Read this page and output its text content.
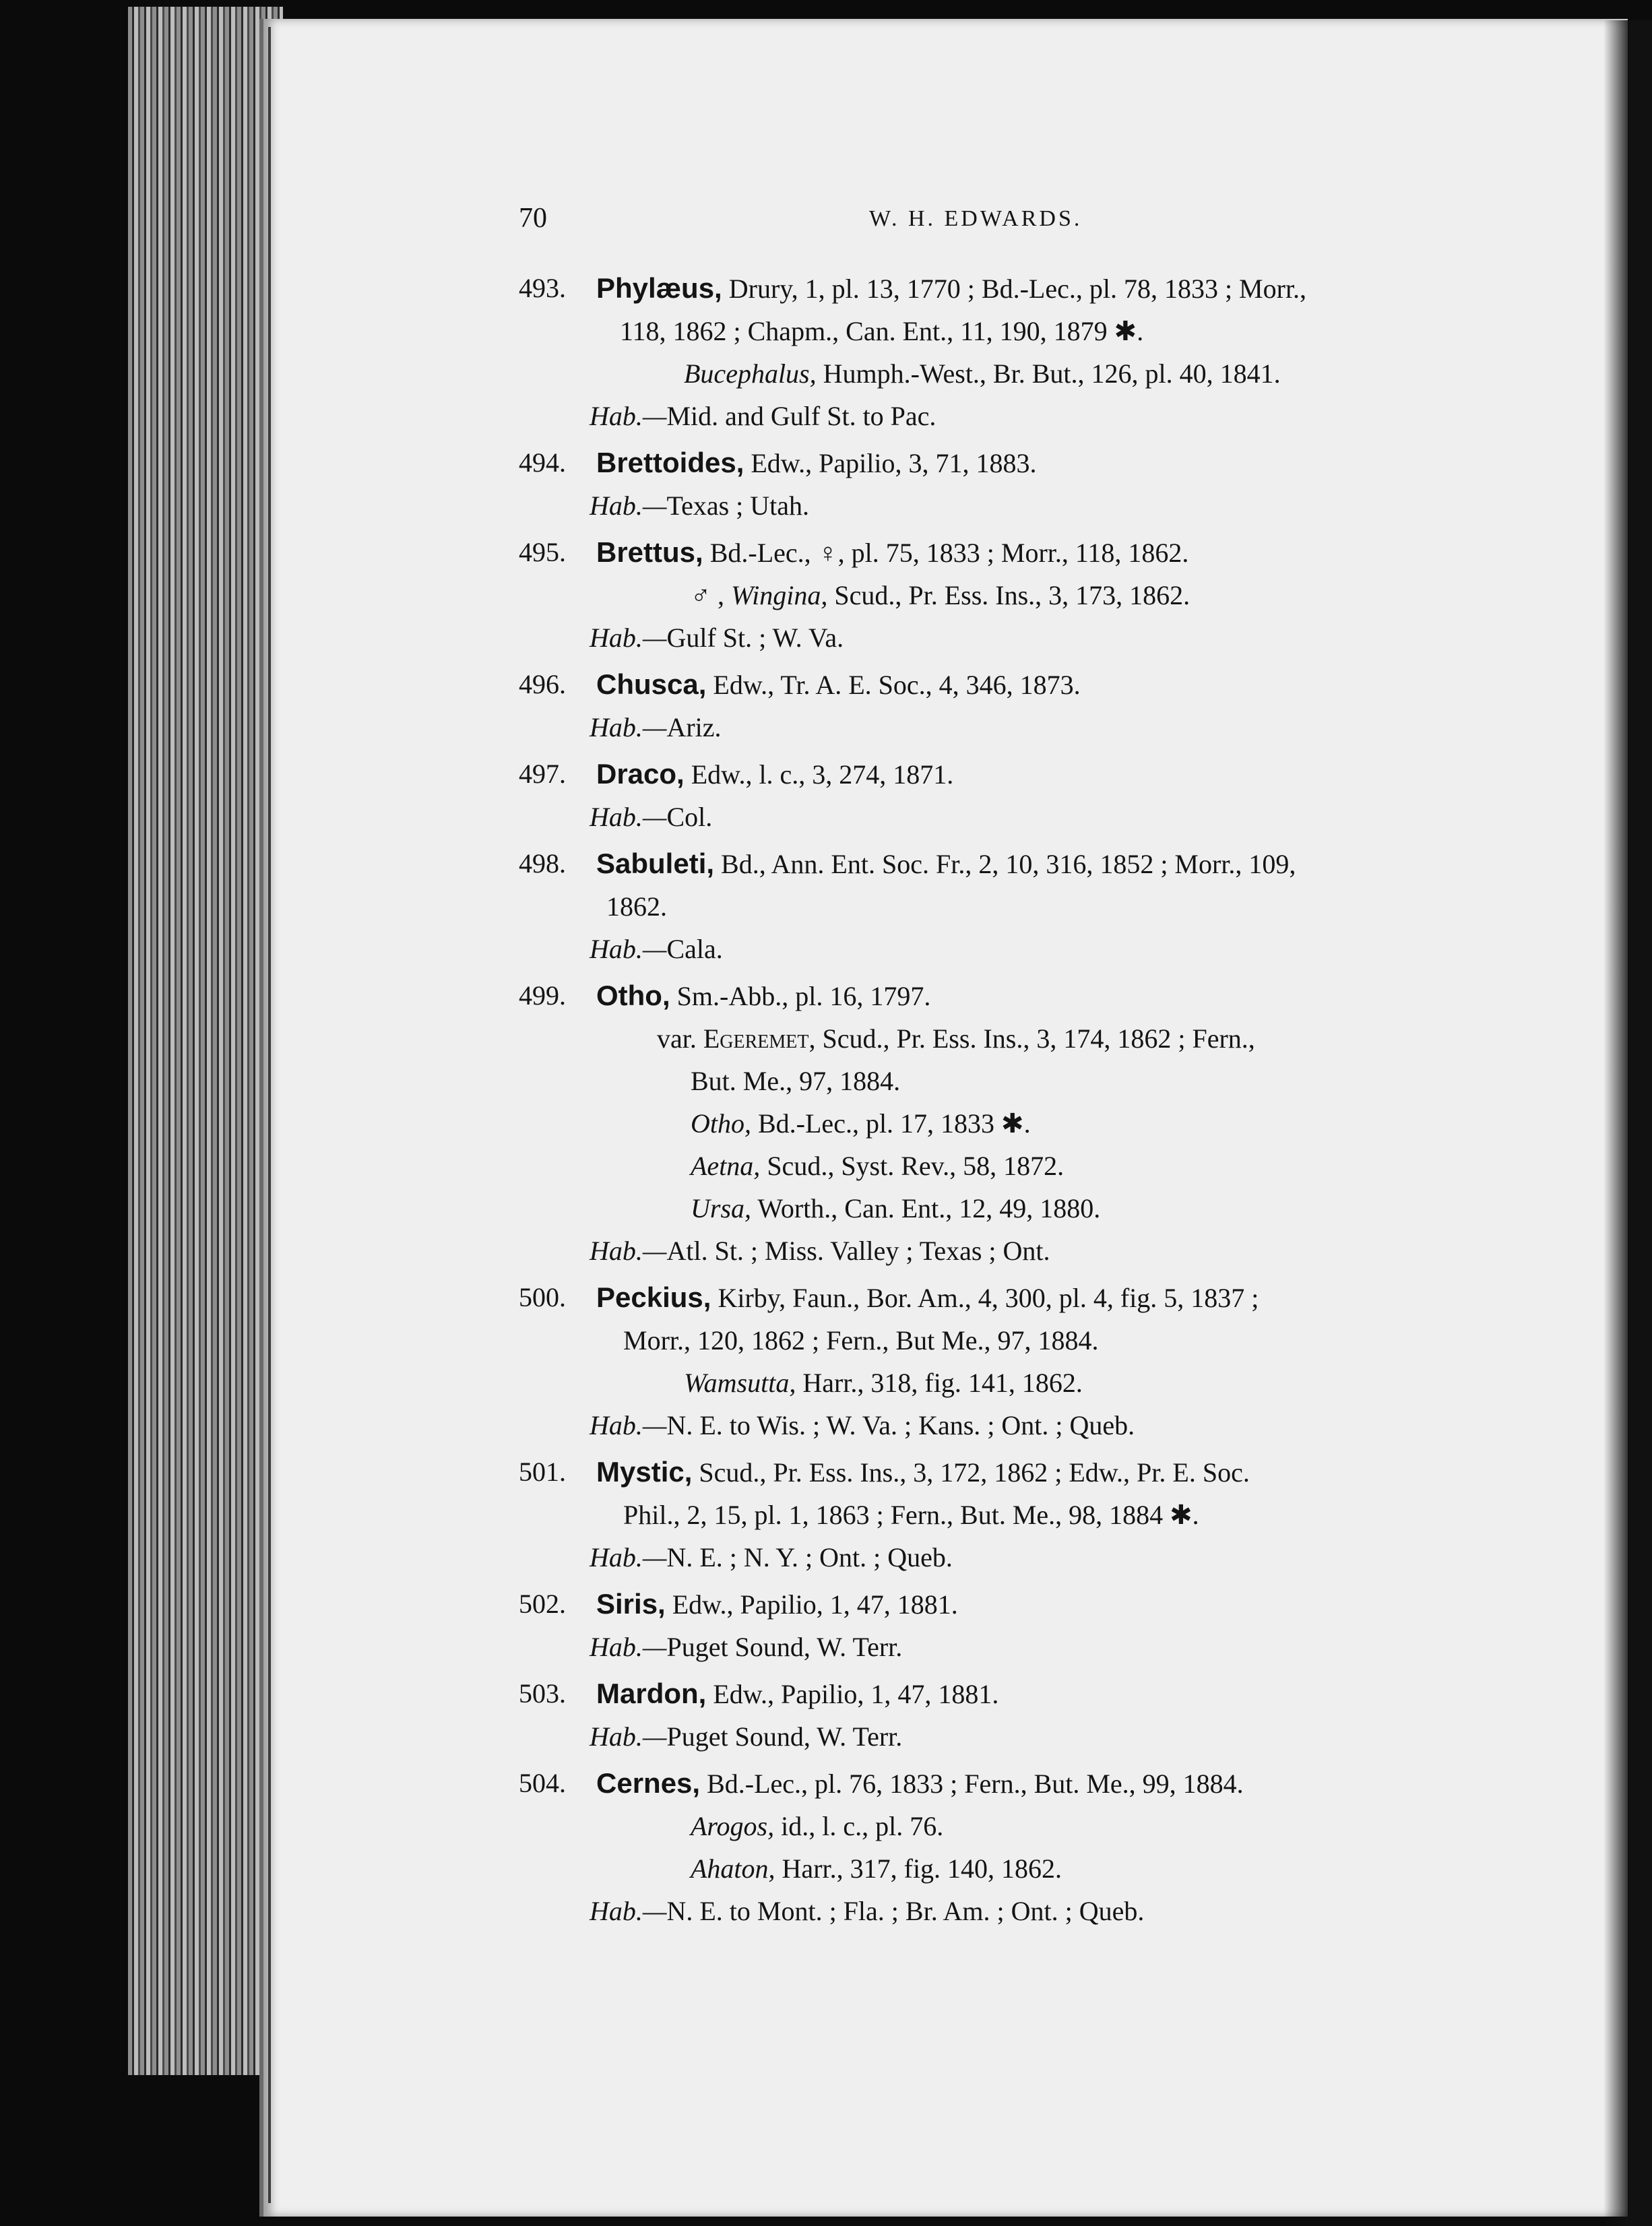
70	W. H. EDWARDS.
493. Phylæus, Drury, 1, pl. 13, 1770 ; Bd.-Lec., pl. 78, 1833 ; Morr.,
118, 1862 ; Chapm., Can. Ent., 11, 190, 1879 ✱.
Bucephalus, Humph.-West., Br. But., 126, pl. 40, 1841.
Hab.—Mid. and Gulf St. to Pac.
494. Brettoides, Edw., Papilio, 3, 71, 1883.
Hab.—Texas ; Utah.
495. Brettus, Bd.-Lec., ♀, pl. 75, 1833 ; Morr., 118, 1862.
♂ , Wingina, Scud., Pr. Ess. Ins., 3, 173, 1862.
Hab.—Gulf St. ; W. Va.
496. Chusca, Edw., Tr. A. E. Soc., 4, 346, 1873.
Hab.—Ariz.
497. Draco, Edw., l. c., 3, 274, 1871.
Hab.—Col.
498. Sabuleti, Bd., Ann. Ent. Soc. Fr., 2, 10, 316, 1852 ; Morr., 109,
1862.
Hab.—Cala.
499. Otho, Sm.-Abb., pl. 16, 1797.
var. Egeremet, Scud., Pr. Ess. Ins., 3, 174, 1862 ; Fern.,
But. Me., 97, 1884.
Otho, Bd.-Lec., pl. 17, 1833 ✱.
Aetna, Scud., Syst. Rev., 58, 1872.
Ursa, Worth., Can. Ent., 12, 49, 1880.
Hab.—Atl. St. ; Miss. Valley ; Texas ; Ont.
500. Peckius, Kirby, Faun., Bor. Am., 4, 300, pl. 4, fig. 5, 1837 ;
Morr., 120, 1862 ; Fern., But Me., 97, 1884.
Wamsutta, Harr., 318, fig. 141, 1862.
Hab.—N. E. to Wis. ; W. Va. ; Kans. ; Ont. ; Queb.
501. Mystic, Scud., Pr. Ess. Ins., 3, 172, 1862 ; Edw., Pr. E. Soc.
Phil., 2, 15, pl. 1, 1863 ; Fern., But. Me., 98, 1884 ✱.
Hab.—N. E. ; N. Y. ; Ont. ; Queb.
502. Siris, Edw., Papilio, 1, 47, 1881.
Hab.—Puget Sound, W. Terr.
503. Mardon, Edw., Papilio, 1, 47, 1881.
Hab.—Puget Sound, W. Terr.
504. Cernes, Bd.-Lec., pl. 76, 1833 ; Fern., But. Me., 99, 1884.
Arogos, id., l. c., pl. 76.
Ahaton, Harr., 317, fig. 140, 1862.
Hab.—N. E. to Mont. ; Fla. ; Br. Am. ; Ont. ; Queb.
